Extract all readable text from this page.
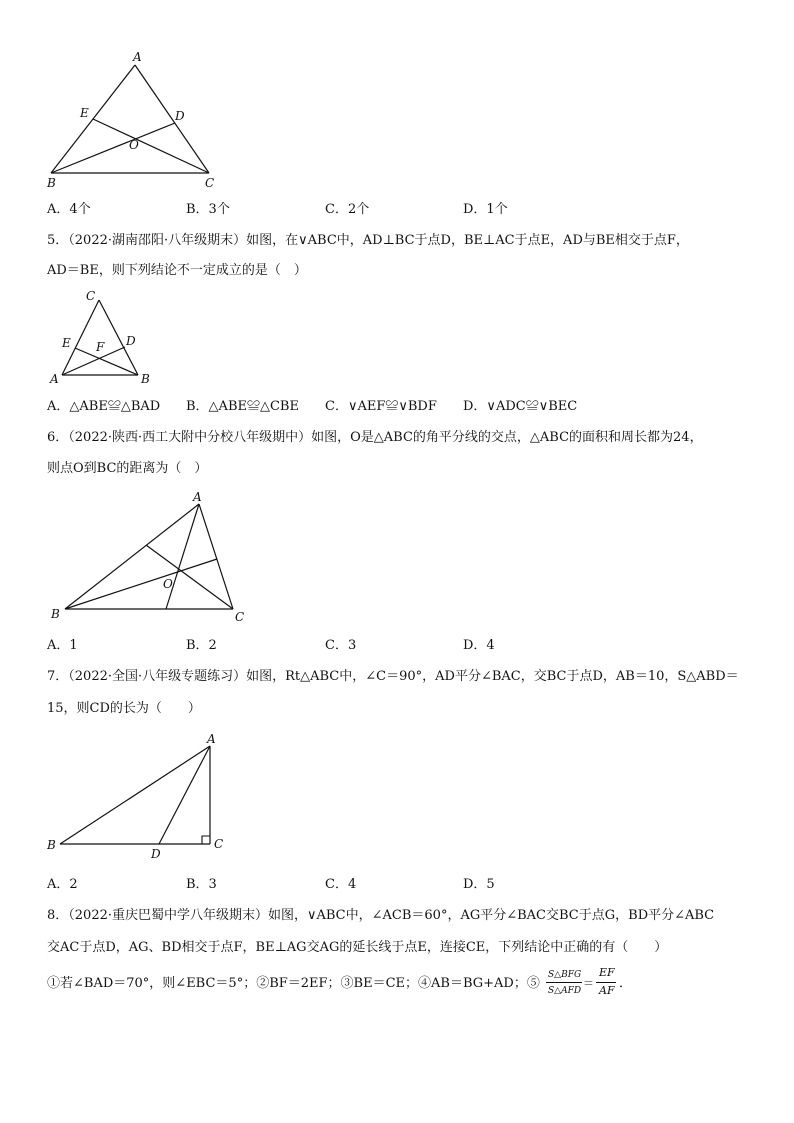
A
E	D
O
B	C
A．4个	B．3个	C．2个	D．1个
5．（2022·湖南邵阳·八年级期末）如图，在∨ABC中，AD⊥BC于点D，BE⊥AC于点E，AD与BE相交于点F，
AD＝BE，则下列结论不一定成立的是（　）
C
E F D
A	B
A．△ABE≌△BAD B．△ABE≌△CBE C．∨AEF≌∨BDF D．∨ADC≌∨BEC
6．（2022·陕西·西工大附中分校八年级期中）如图，O是△ABC的角平分线的交点，△ABC的面积和周长都为24，
则点O到BC的距离为（　）
A
O
B	C
A．1	B．2	C．3	D．4
7．（2022·全国·八年级专题练习）如图，Rt△ABC中，∠C＝90°，AD平分∠BAC，交BC于点D，AB＝10，S△ABD＝
15，则CD的长为（　　）
A
B
D
C
A．2	B．3	C．4	D．5
8．（2022·重庆巴蜀中学八年级期末）如图，∨ABC中，∠ACB＝60°，AG平分∠BAC交BC于点G，BD平分∠ABC
交AC于点D，AG、BD相交于点F，BE⊥AG交AG的延长线于点E，连接CE，下列结论中正确的有（　　）
①若∠BAD＝70°，则∠EBC＝5°；②BF＝2EF；③BE＝CE；④AB＝BG+AD；⑤
S△BFG
S△AFD
＝
EF
AF ．
